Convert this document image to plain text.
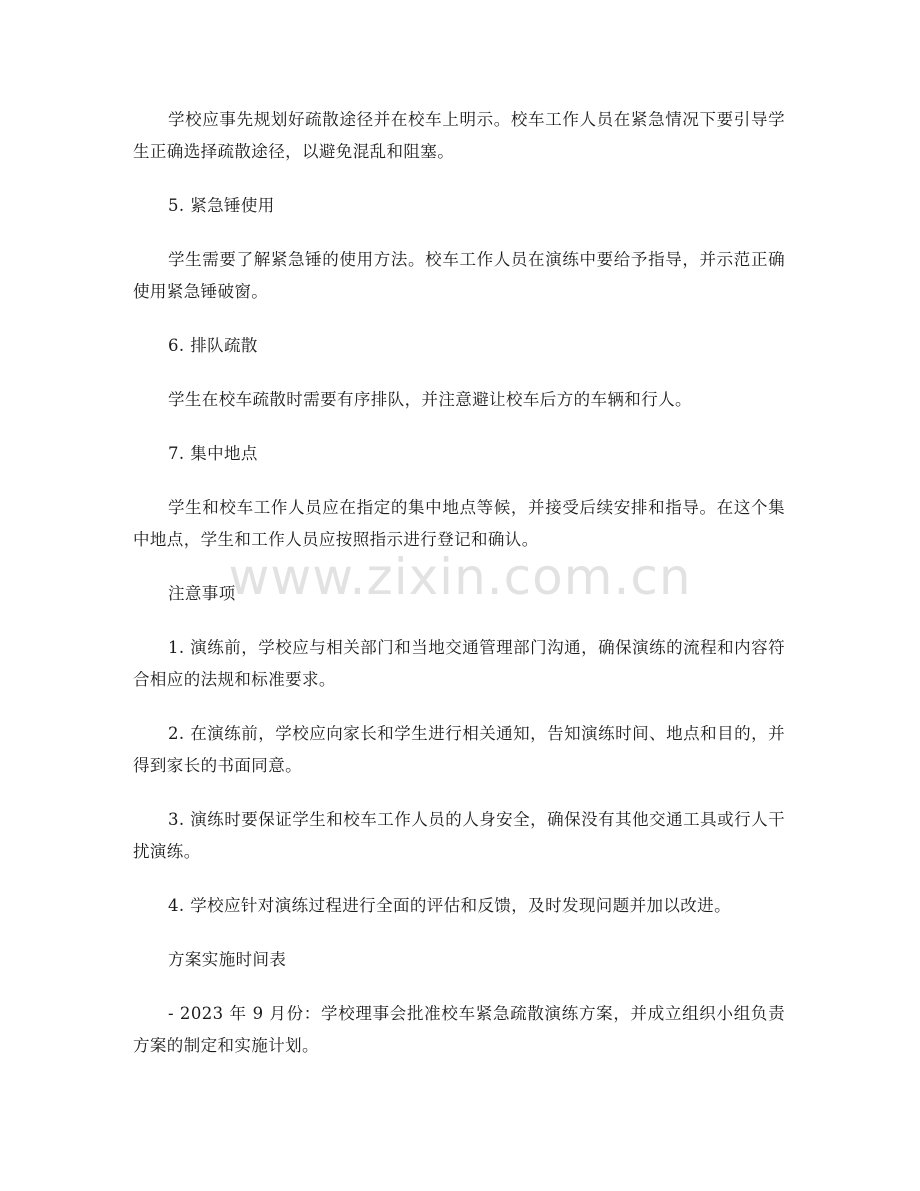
学校应事先规划好疏散途径并在校车上明示。校车工作人员在紧急情况下要引导学生正确选择疏散途径，以避免混乱和阻塞。

5. 紧急锤使用

学生需要了解紧急锤的使用方法。校车工作人员在演练中要给予指导，并示范正确使用紧急锤破窗。

6. 排队疏散

学生在校车疏散时需要有序排队，并注意避让校车后方的车辆和行人。

7. 集中地点

学生和校车工作人员应在指定的集中地点等候，并接受后续安排和指导。在这个集中地点，学生和工作人员应按照指示进行登记和确认。

注意事项

1. 演练前，学校应与相关部门和当地交通管理部门沟通，确保演练的流程和内容符合相应的法规和标准要求。

2. 在演练前，学校应向家长和学生进行相关通知，告知演练时间、地点和目的，并得到家长的书面同意。

3. 演练时要保证学生和校车工作人员的人身安全，确保没有其他交通工具或行人干扰演练。

4. 学校应针对演练过程进行全面的评估和反馈，及时发现问题并加以改进。

方案实施时间表

- 2023 年 9 月份：学校理事会批准校车紧急疏散演练方案，并成立组织小组负责方案的制定和实施计划。

www.zixin.com.cn
